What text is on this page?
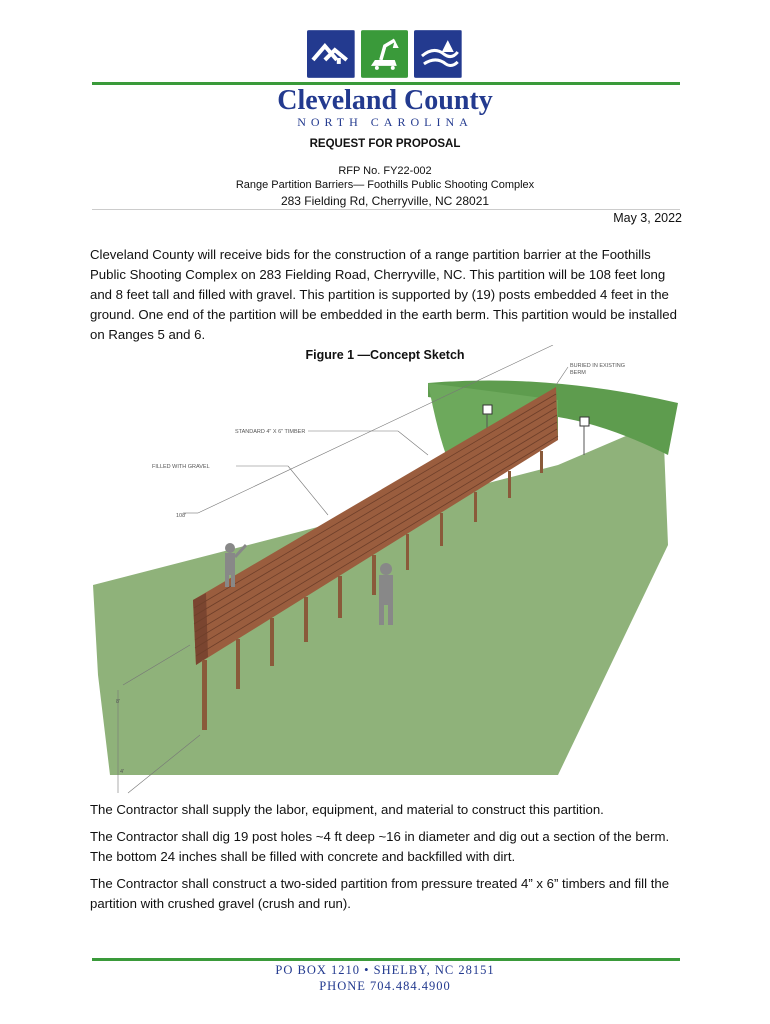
Cleveland County
NORTH CAROLINA
REQUEST FOR PROPOSAL
RFP No. FY22-002
Range Partition Barriers— Foothills Public Shooting Complex
283 Fielding Rd, Cherryville, NC 28021
May 3, 2022
Cleveland County will receive bids for the construction of a range partition barrier at the Foothills Public Shooting Complex on 283 Fielding Road, Cherryville, NC. This partition will be 108 feet long and 8 feet tall and filled with gravel. This partition is supported by (19) posts embedded 4 feet in the ground. One end of the partition will be embedded in the earth berm. This partition would be installed on Ranges 5 and 6.
Figure 1 —Concept Sketch
BURIED IN EXISTING
BERM
STANDARD 4" X 6" TIMBER
FILLED WITH GRAVEL
108'
8'
4'
The Contractor shall supply the labor, equipment, and material to construct this partition.
The Contractor shall dig 19 post holes ~4 ft deep ~16 in diameter and dig out a section of the berm. The bottom 24 inches shall be filled with concrete and backfilled with dirt.
The Contractor shall construct a two-sided partition from pressure treated 4” x 6” timbers and fill the partition with crushed gravel (crush and run).
PO BOX 1210 • SHELBY, NC 28151
PHONE 704.484.4900
